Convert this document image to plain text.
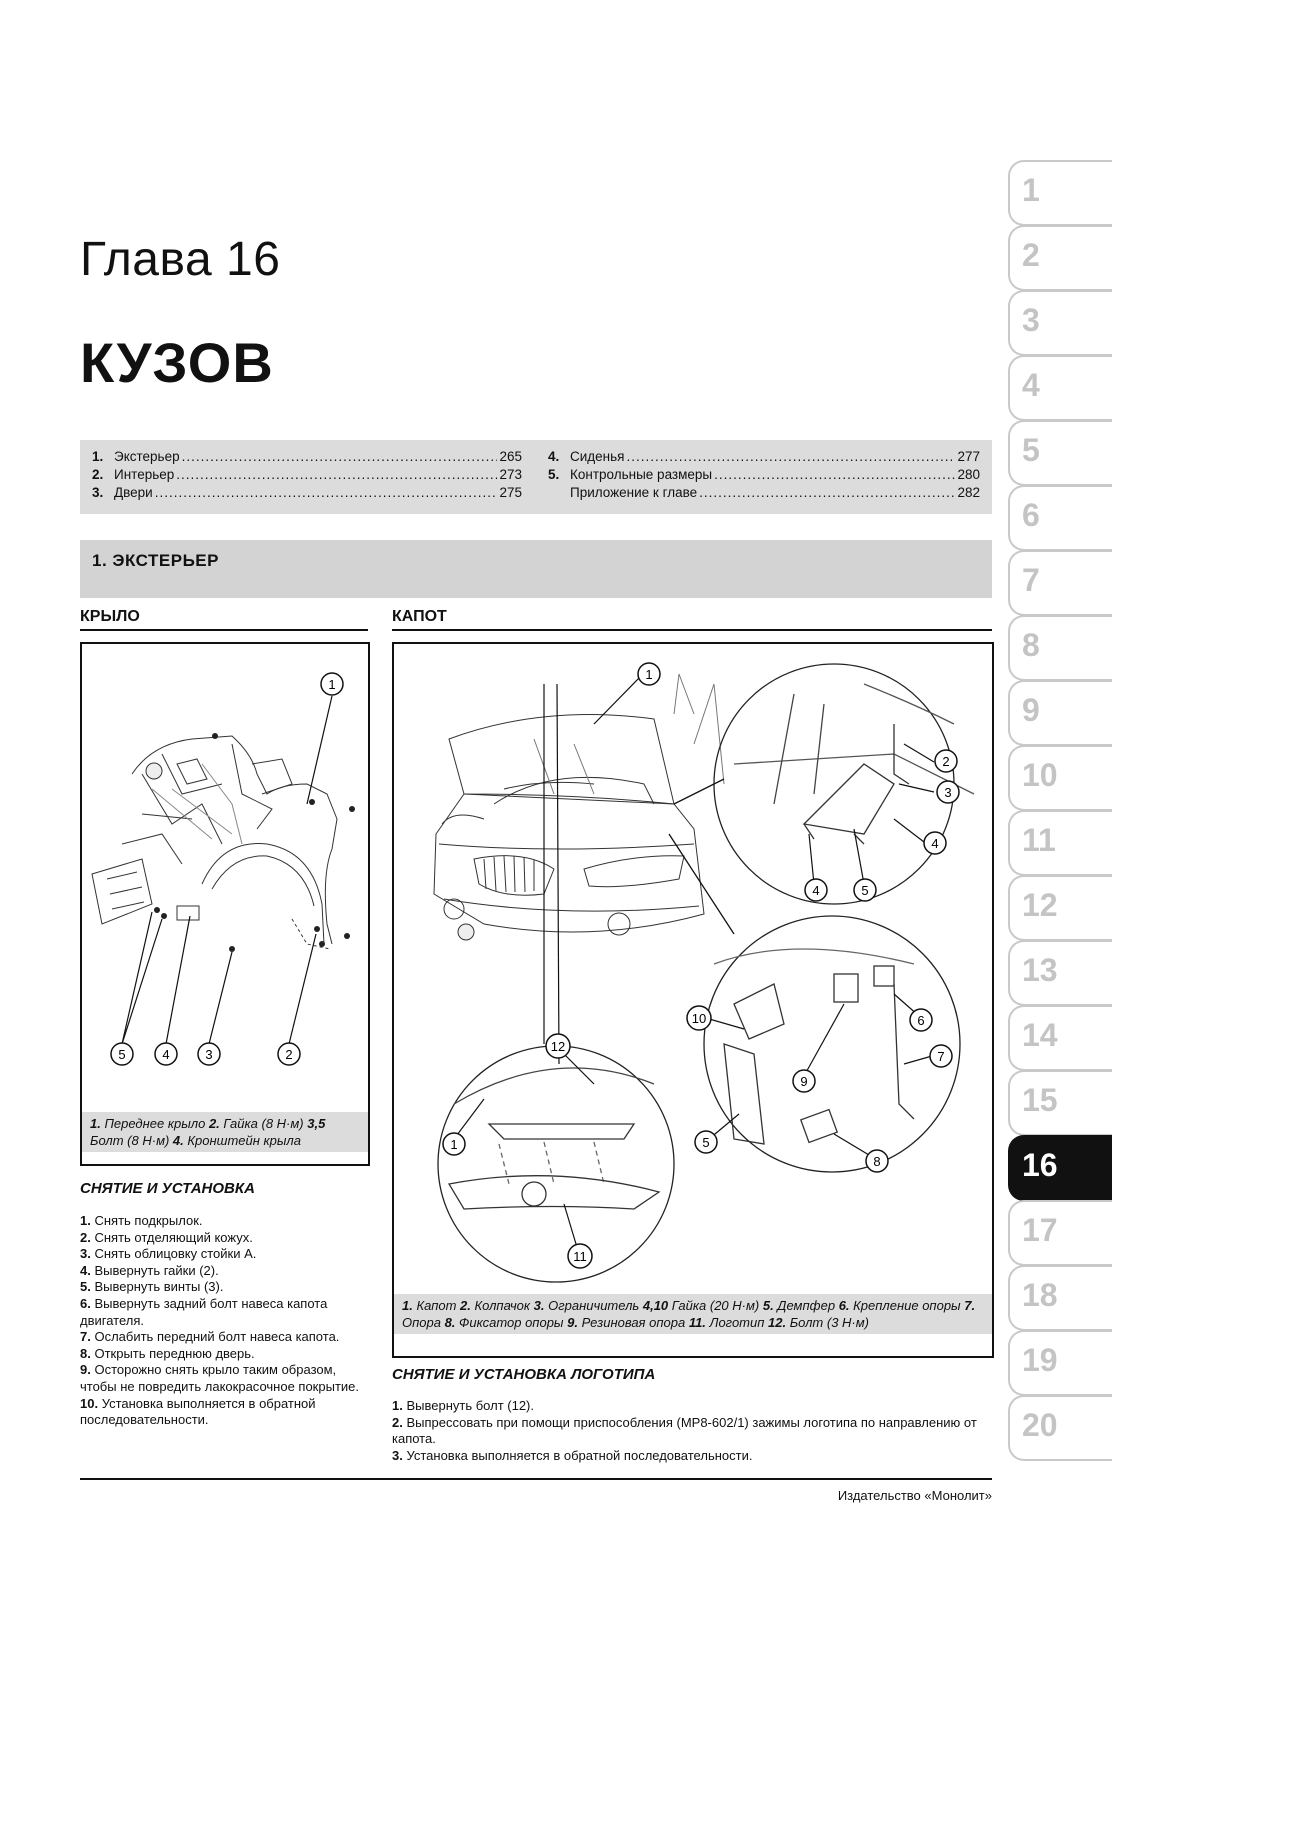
Глава 16
КУЗОВ
1. Экстерьер .....	265
2. Интерьер .....	273
3. Двери .....	275
4. Сиденья .....	277
5. Контрольные размеры .....	280
Приложение к главе .....	282
1. ЭКСТЕРЬЕР
КРЫЛО
1
5	4	3	2
1. Переднее крыло 2. Гайка (8 Н·м) 3,5 Болт (8 Н·м) 4. Кронштейн крыла
СНЯТИЕ И УСТАНОВКА
1. Снять подкрылок.
2. Снять отделяющий кожух.
3. Снять облицовку стойки А.
4. Вывернуть гайки (2).
5. Вывернуть винты (3).
6. Вывернуть задний болт навеса капота двигателя.
7. Ослабить передний болт навеса капота.
8. Открыть переднюю дверь.
9. Осторожно снять крыло таким образом, чтобы не повредить лакокрасочное покрытие.
10. Установка выполняется в обратной последовательности.
КАПОТ
1
2
3
4
4	5
12
1
11
10	6
7
9
5
8
1. Капот 2. Колпачок 3. Ограничитель 4,10 Гайка (20 Н·м) 5. Демпфер 6. Крепление опоры 7. Опора 8. Фиксатор опоры 9. Резиновая опора 11. Логотип 12. Болт (3 Н·м)
СНЯТИЕ И УСТАНОВКА ЛОГОТИПА
1. Вывернуть болт (12).
2. Выпрессовать при помощи приспособления (MP8-602/1) зажимы логотипа по направлению от капота.
3. Установка выполняется в обратной последовательности.
Издательство «Монолит»
1
2
3
4
5
6
7
8
9
10
11
12
13
14
15
16
17
18
19
20
